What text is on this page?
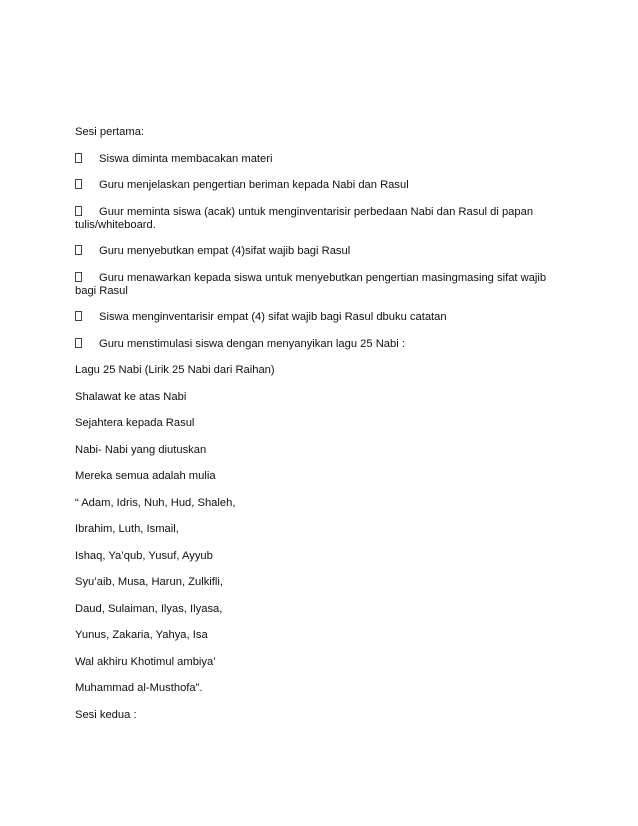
Sesi pertama:
Siswa diminta membacakan materi
Guru menjelaskan pengertian beriman kepada Nabi dan Rasul
Guur meminta siswa (acak) untuk menginventarisir perbedaan Nabi dan Rasul di papan tulis/whiteboard.
Guru menyebutkan empat (4)sifat wajib bagi Rasul
Guru menawarkan kepada siswa untuk menyebutkan pengertian masingmasing sifat wajib bagi Rasul
Siswa menginventarisir empat (4) sifat wajib bagi Rasul dbuku catatan
Guru menstimulasi siswa dengan menyanyikan lagu 25 Nabi :
Lagu 25 Nabi (Lirik 25 Nabi dari Raihan)
Shalawat ke atas Nabi
Sejahtera kepada Rasul
Nabi- Nabi yang diutuskan
Mereka semua adalah mulia
“ Adam, Idris, Nuh, Hud, Shaleh,
Ibrahim, Luth, Ismail,
Ishaq, Ya’qub, Yusuf, Ayyub
Syu’aib, Musa, Harun, Zulkifli,
Daud, Sulaiman, Ilyas, Ilyasa,
Yunus, Zakaria, Yahya, Isa
Wal akhiru Khotimul ambiya’
Muhammad al-Musthofa”.
Sesi kedua :
